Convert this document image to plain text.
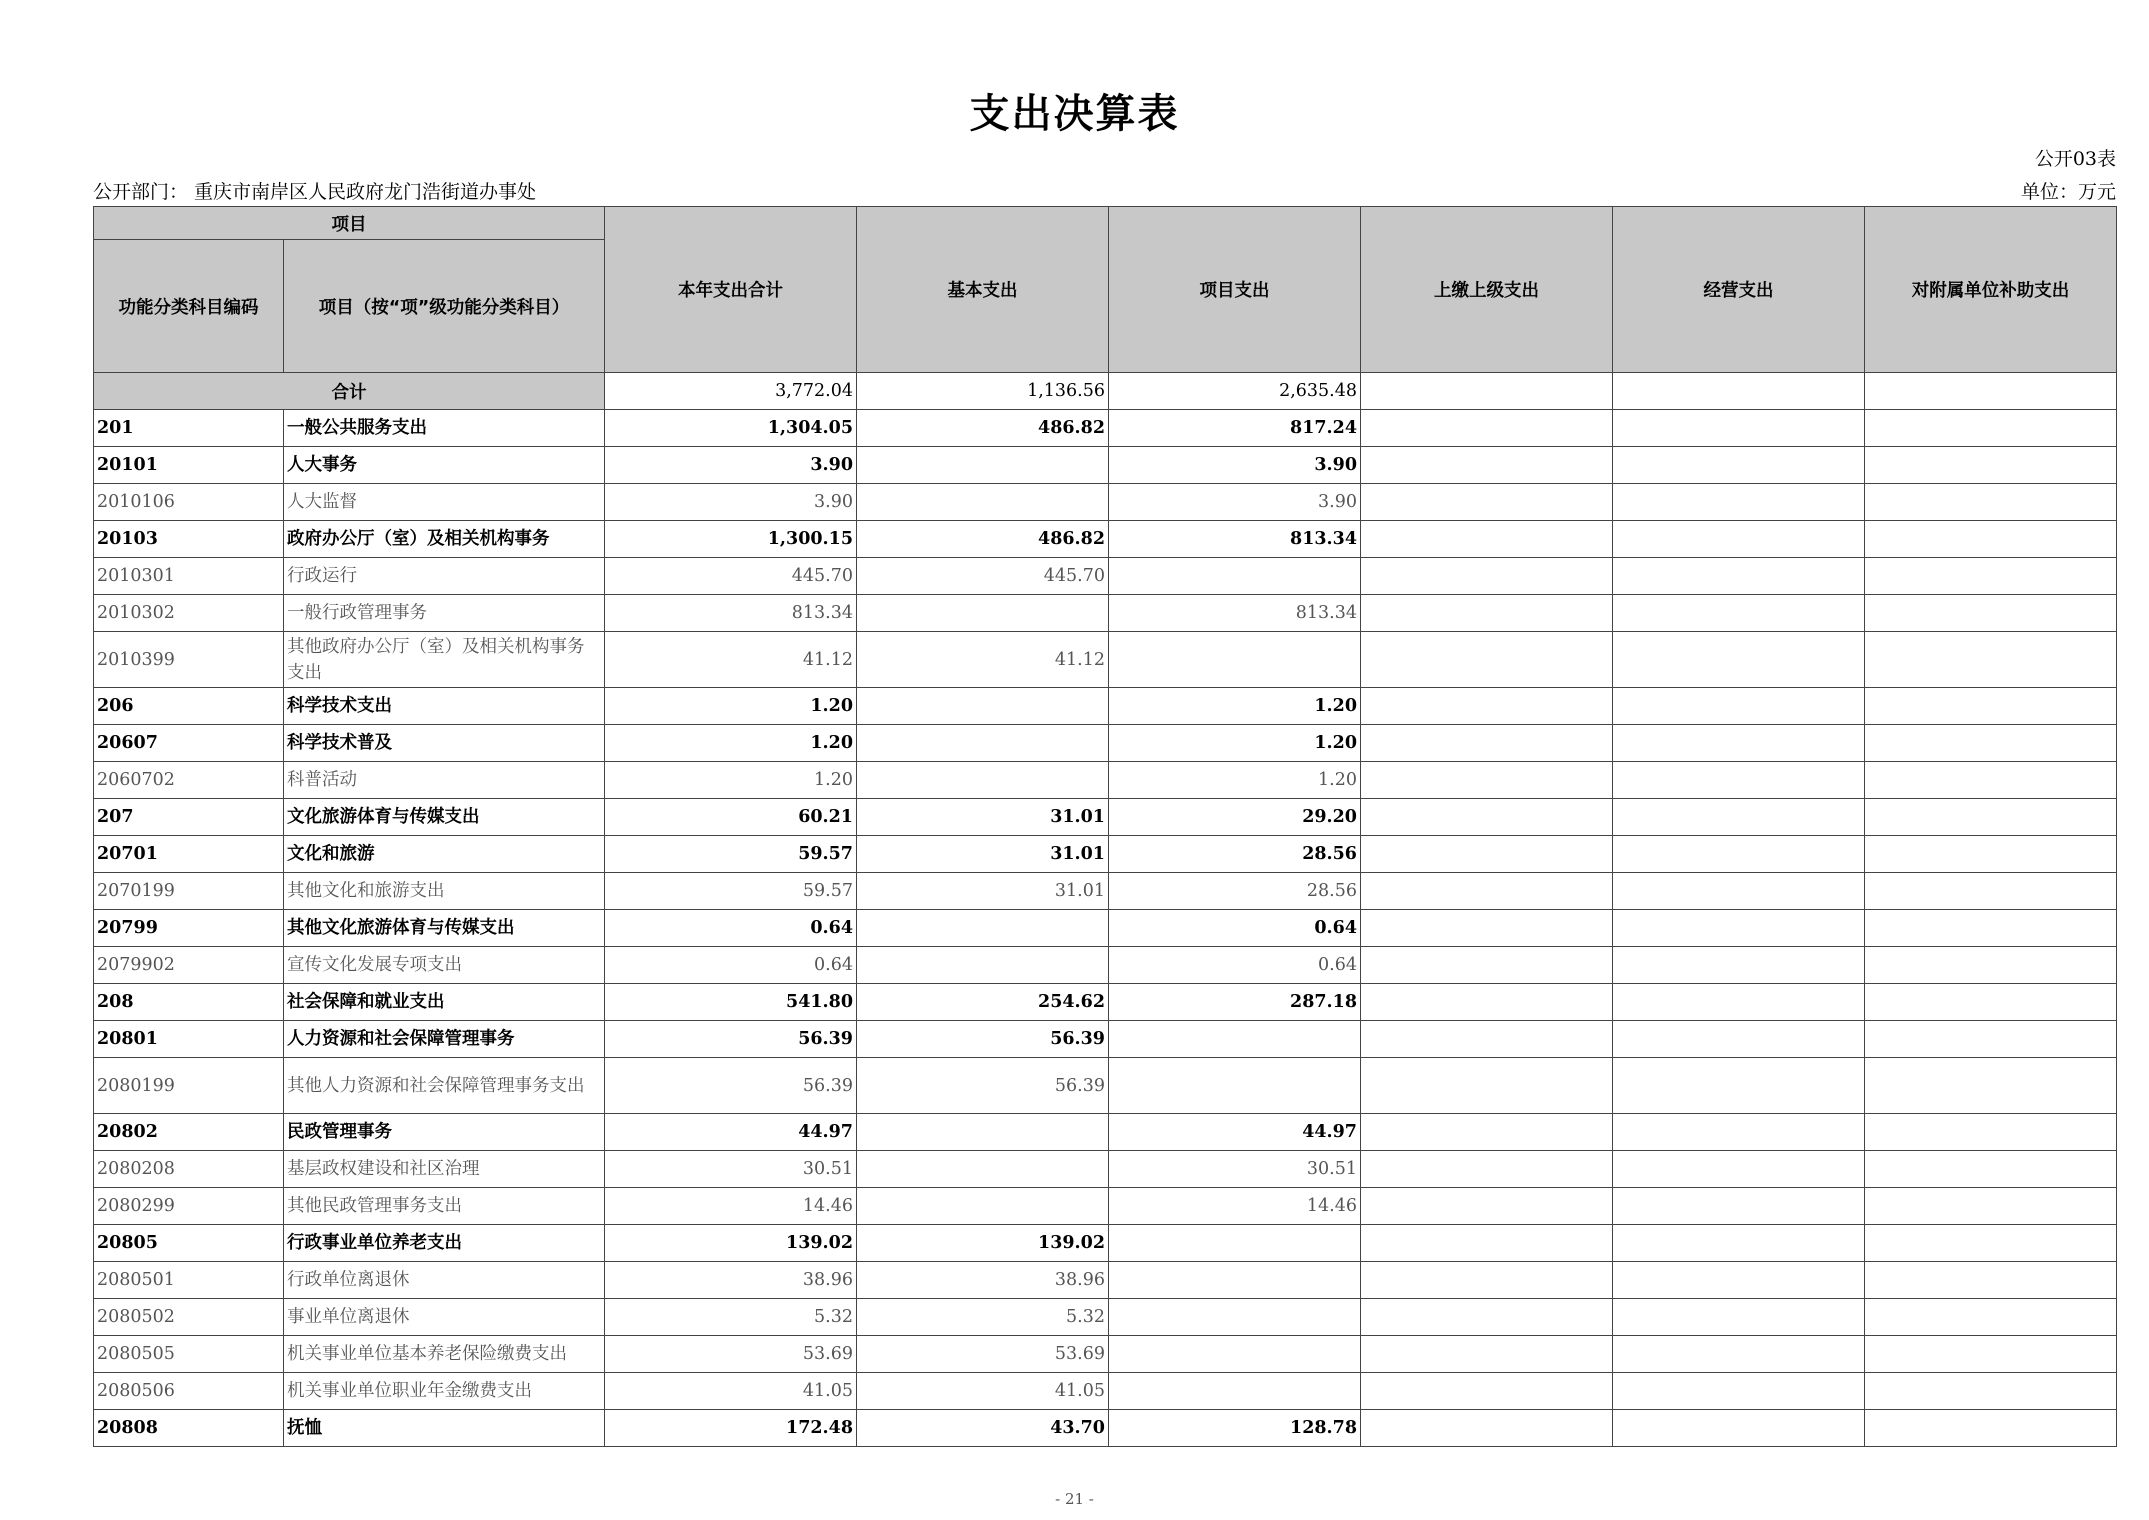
支出决算表
公开03表
公开部门： 重庆市南岸区人民政府龙门浩街道办事处	单位：万元
项目		本年支出合计	基本支出	项目支出	上缴上级支出	经营支出	对附属单位补助支出
功能分类科目编码	项目（按“项”级功能分类科目）						
合计		3,772.04	1,136.56	2,635.48			
201	一般公共服务支出	1,304.05	486.82	817.24			
20101	人大事务	3.90		3.90			
2010106	人大监督	3.90		3.90			
20103	政府办公厅（室）及相关机构事务	1,300.15	486.82	813.34			
2010301	行政运行	445.70	445.70				
2010302	一般行政管理事务	813.34		813.34			
2010399	其他政府办公厅（室）及相关机构事务支出	41.12	41.12				
206	科学技术支出	1.20		1.20			
20607	科学技术普及	1.20		1.20			
2060702	科普活动	1.20		1.20			
207	文化旅游体育与传媒支出	60.21	31.01	29.20			
20701	文化和旅游	59.57	31.01	28.56			
2070199	其他文化和旅游支出	59.57	31.01	28.56			
20799	其他文化旅游体育与传媒支出	0.64		0.64			
2079902	宣传文化发展专项支出	0.64		0.64			
208	社会保障和就业支出	541.80	254.62	287.18			
20801	人力资源和社会保障管理事务	56.39	56.39				
2080199	其他人力资源和社会保障管理事务支出	56.39	56.39				
20802	民政管理事务	44.97		44.97			
2080208	基层政权建设和社区治理	30.51		30.51			
2080299	其他民政管理事务支出	14.46		14.46			
20805	行政事业单位养老支出	139.02	139.02				
2080501	行政单位离退休	38.96	38.96				
2080502	事业单位离退休	5.32	5.32				
2080505	机关事业单位基本养老保险缴费支出	53.69	53.69				
2080506	机关事业单位职业年金缴费支出	41.05	41.05				
20808	抚恤	172.48	43.70	128.78			
- 21 -
